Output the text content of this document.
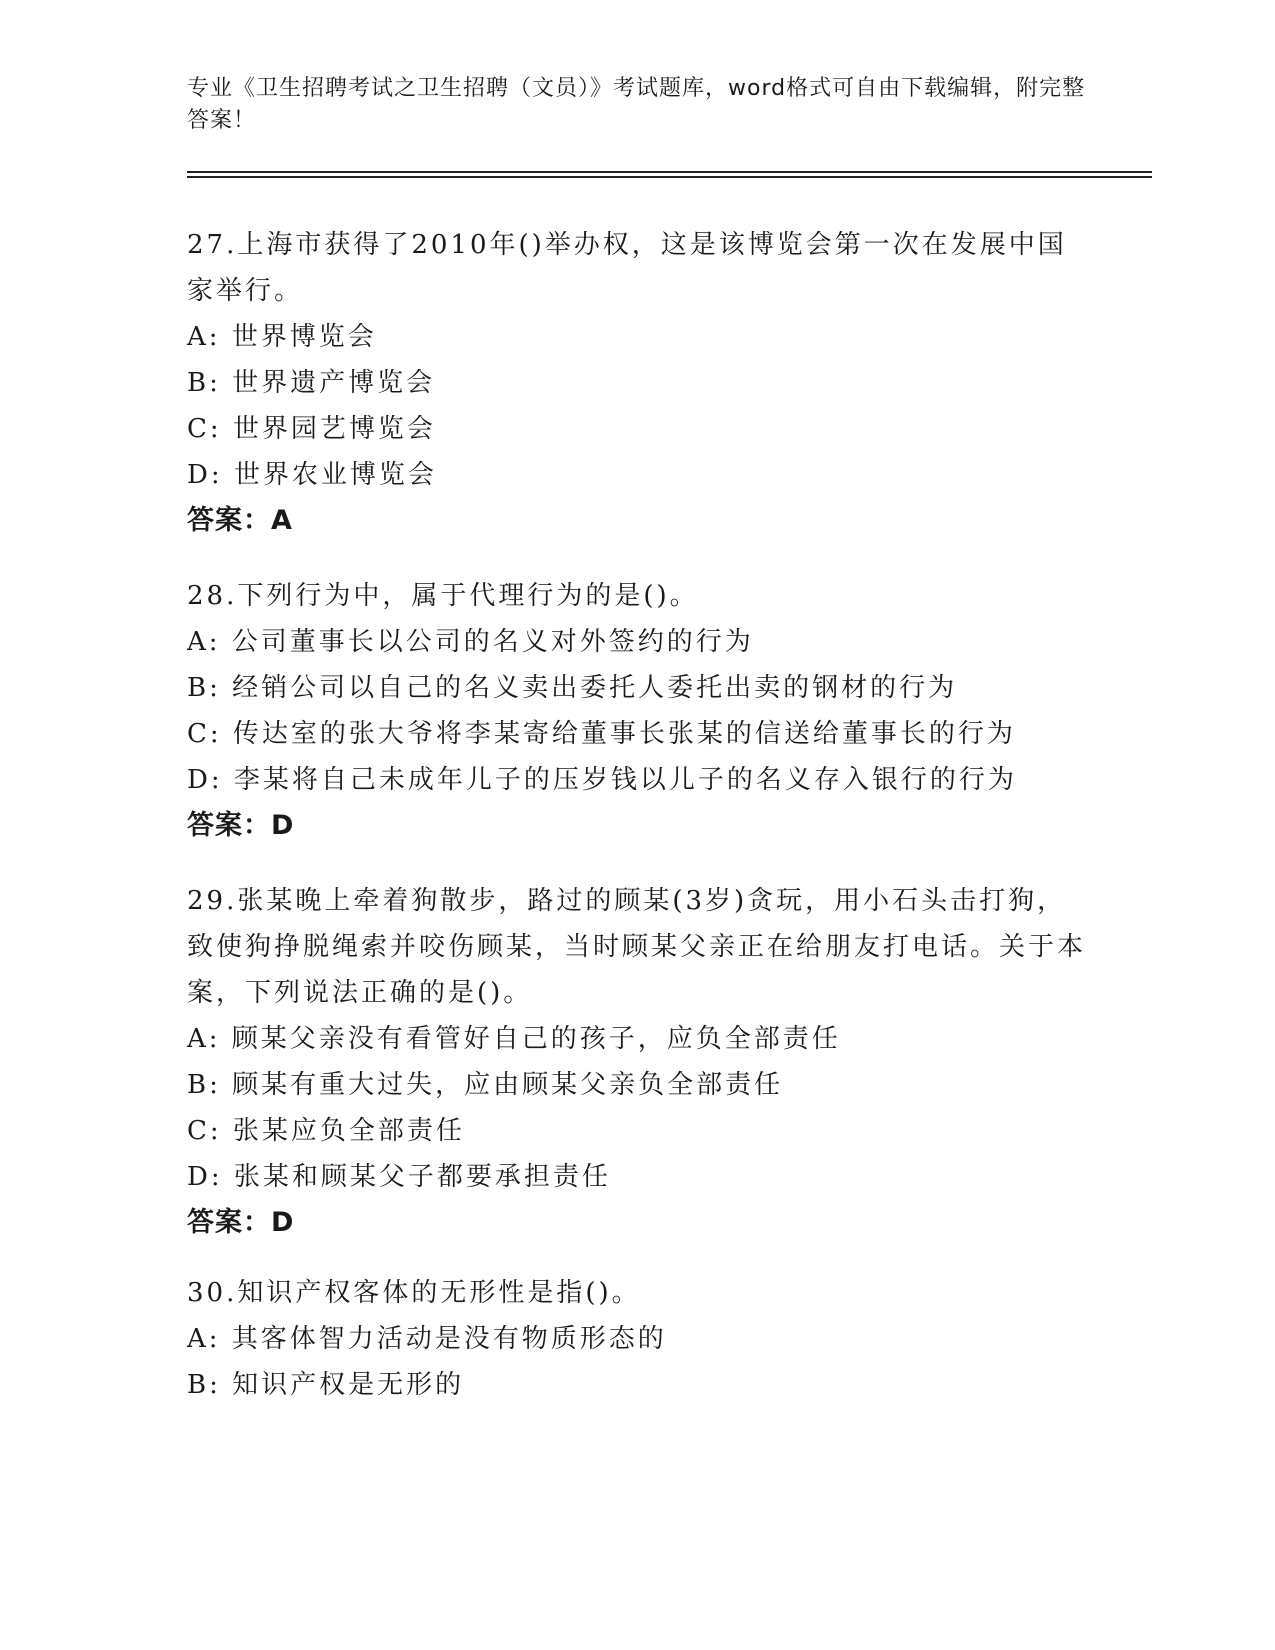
专业《卫生招聘考试之卫生招聘（文员）》考试题库，word格式可自由下载编辑，附完整答案！
27.上海市获得了2010年()举办权，这是该博览会第一次在发展中国家举行。
A: 世界博览会
B: 世界遗产博览会
C: 世界园艺博览会
D: 世界农业博览会
答案：A
28.下列行为中，属于代理行为的是()。
A: 公司董事长以公司的名义对外签约的行为
B: 经销公司以自己的名义卖出委托人委托出卖的钢材的行为
C: 传达室的张大爷将李某寄给董事长张某的信送给董事长的行为
D: 李某将自己未成年儿子的压岁钱以儿子的名义存入银行的行为
答案：D
29.张某晚上牵着狗散步，路过的顾某(3岁)贪玩，用小石头击打狗，致使狗挣脱绳索并咬伤顾某，当时顾某父亲正在给朋友打电话。关于本案，下列说法正确的是()。
A: 顾某父亲没有看管好自己的孩子，应负全部责任
B: 顾某有重大过失，应由顾某父亲负全部责任
C: 张某应负全部责任
D: 张某和顾某父子都要承担责任
答案：D
30.知识产权客体的无形性是指()。
A: 其客体智力活动是没有物质形态的
B: 知识产权是无形的
